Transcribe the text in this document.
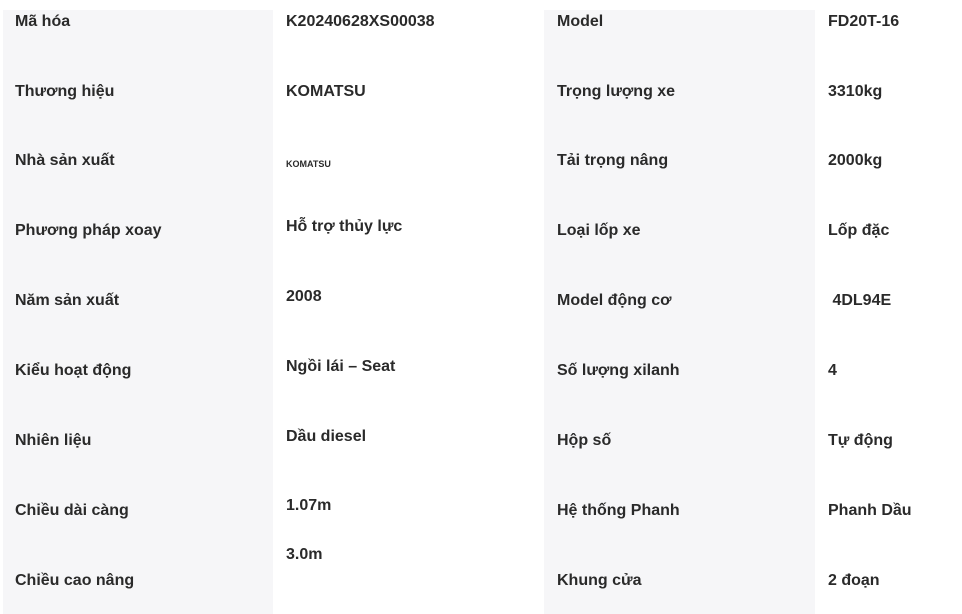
Mã hóa
Thương hiệu
Nhà sản xuất
Phương pháp xoay
Năm sản xuất
Kiểu hoạt động
Nhiên liệu
Chiều dài càng
Chiều cao nâng
K20240628XS00038
KOMATSU
KOMATSU
Hỗ trợ thủy lực
2008
Ngồi lái – Seat
Dầu diesel
1.07m
3.0m
Model
Trọng lượng xe
Tải trọng nâng
Loại lốp xe
Model động cơ
Số lượng xilanh
Hộp số
Hệ thống Phanh
Khung cửa
FD20T-16
3310kg
2000kg
Lốp đặc
4DL94E
4
Tự động
Phanh Dầu
2 đoạn
